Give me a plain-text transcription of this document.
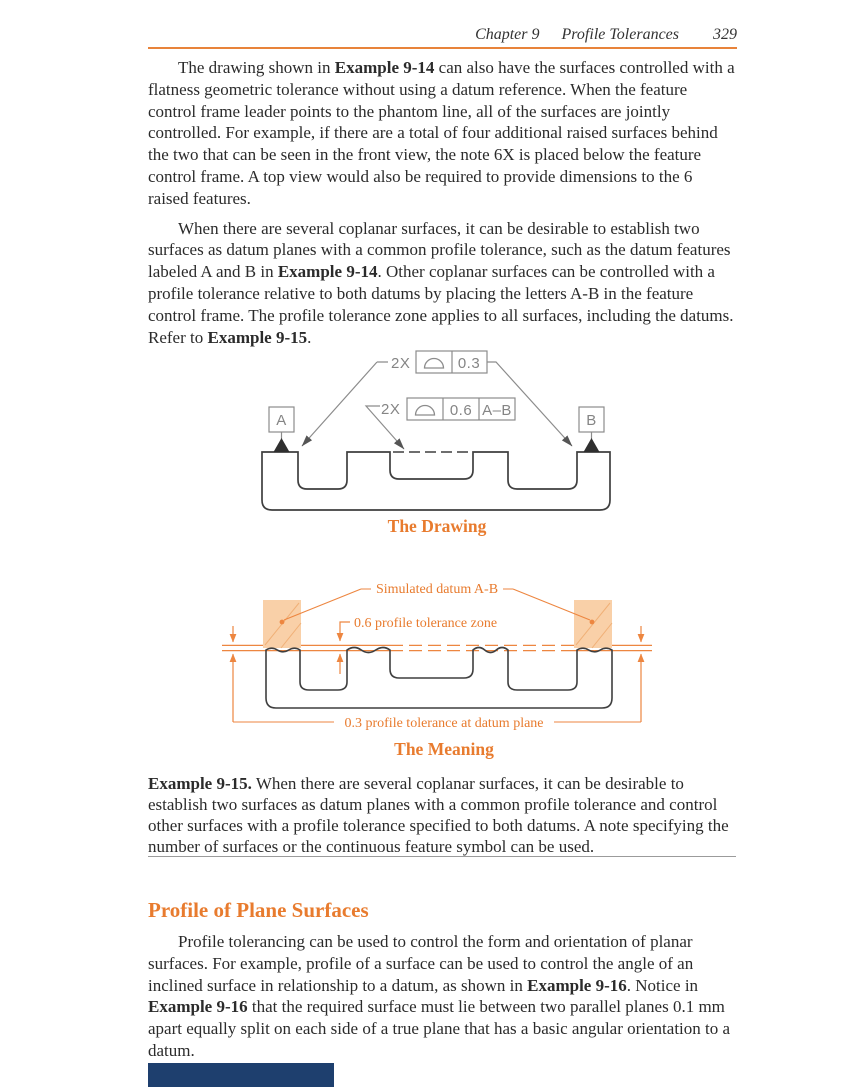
Chapter 9 Profile Tolerances 329

The drawing shown in Example 9-14 can also have the surfaces controlled with a flatness geometric tolerance without using a datum reference. When the feature control frame leader points to the phantom line, all of the surfaces are jointly controlled. For example, if there are a total of four additional raised surfaces behind the two that can be seen in the front view, the note 6X is placed below the feature control frame. A top view would also be required to provide dimensions to the 6 raised features.

When there are several coplanar surfaces, it can be desirable to establish two surfaces as datum planes with a common profile tolerance, such as the datum features labeled A and B in Example 9-14. Other coplanar surfaces can be controlled with a profile tolerance relative to both datums by placing the letters A-B in the feature control frame. The profile tolerance zone applies to all surfaces, including the datums. Refer to Example 9-15.

A	B
2X	0.3
2X	0.6 A–B
The Drawing
Simulated datum A-B
0.6 profile tolerance zone
0.3 profile tolerance at datum plane
The Meaning

Example 9-15. When there are several coplanar surfaces, it can be desirable to establish two surfaces as datum planes with a common profile tolerance and control other surfaces with a profile tolerance specified to both datums. A note specifying the number of surfaces or the continuous feature symbol can be used.

Profile of Plane Surfaces

Profile tolerancing can be used to control the form and orientation of planar surfaces. For example, profile of a surface can be used to control the angle of an inclined surface in relationship to a datum, as shown in Example 9-16. Notice in Example 9-16 that the required surface must lie between two parallel planes 0.1 mm apart equally split on each side of a true plane that has a basic angular orientation to a datum.
